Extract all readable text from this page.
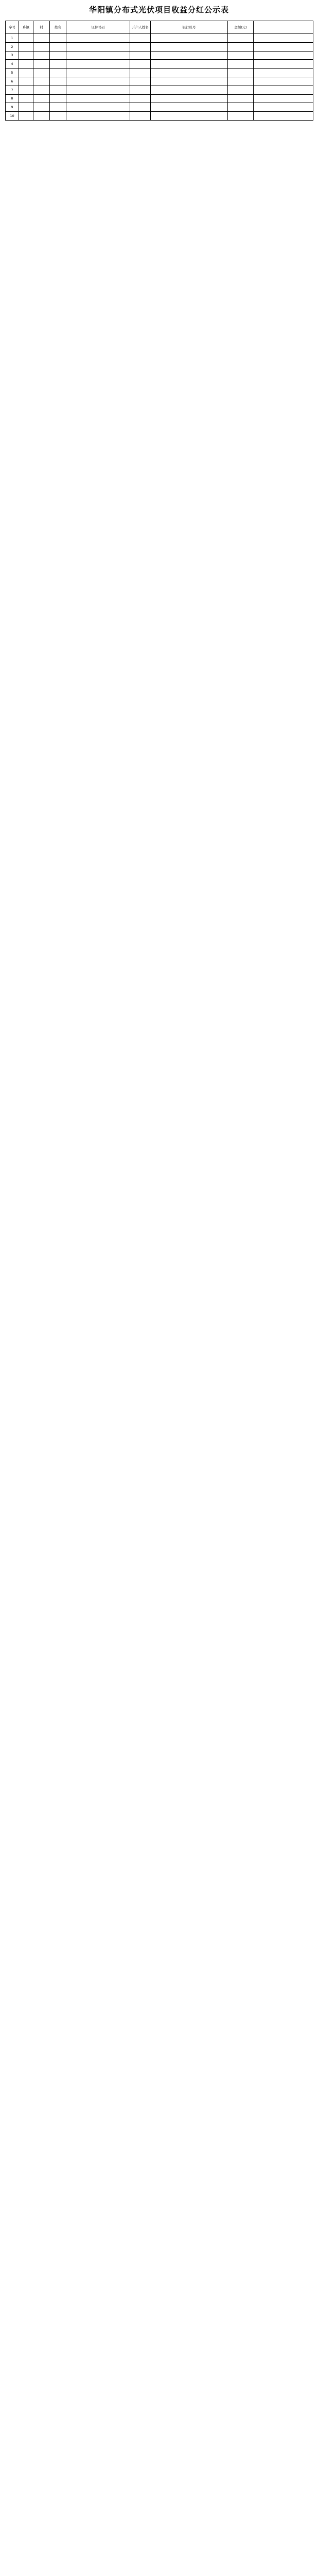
华阳镇分布式光伏项目收益分红公示表
序号	乡镇	村	姓名	证件号码	开户人姓名	银行账号	金额(元)	
1								
2								
3								
4								
5								
6								
7								
8								
9								
10								
